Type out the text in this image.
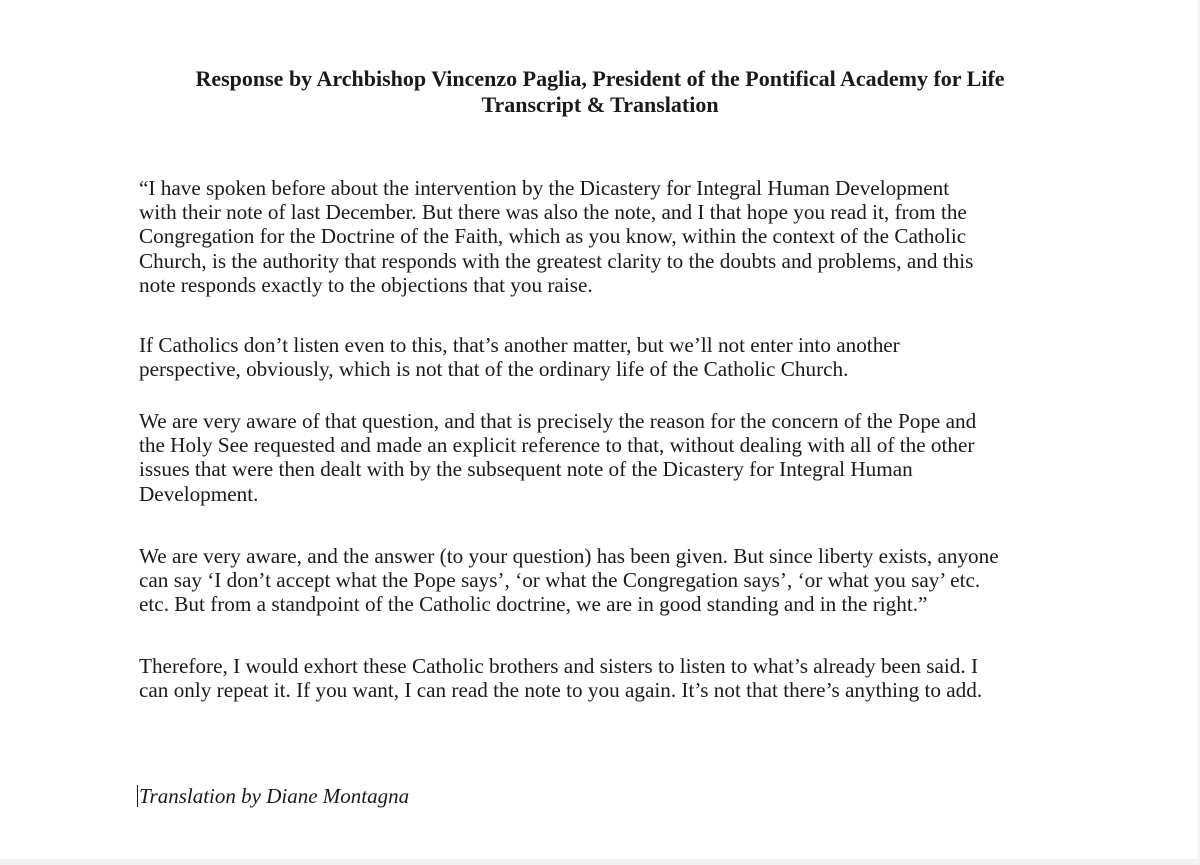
Response by Archbishop Vincenzo Paglia, President of the Pontifical Academy for Life
Transcript & Translation
“I have spoken before about the intervention by the Dicastery for Integral Human Development
with their note of last December. But there was also the note, and I that hope you read it, from the
Congregation for the Doctrine of the Faith, which as you know, within the context of the Catholic
Church, is the authority that responds with the greatest clarity to the doubts and problems, and this
note responds exactly to the objections that you raise.
If Catholics don’t listen even to this, that’s another matter, but we’ll not enter into another
perspective, obviously, which is not that of the ordinary life of the Catholic Church.
We are very aware of that question, and that is precisely the reason for the concern of the Pope and
the Holy See requested and made an explicit reference to that, without dealing with all of the other
issues that were then dealt with by the subsequent note of the Dicastery for Integral Human
Development.
We are very aware, and the answer (to your question) has been given. But since liberty exists, anyone
can say ‘I don’t accept what the Pope says’, ‘or what the Congregation says’, ‘or what you say’ etc.
etc. But from a standpoint of the Catholic doctrine, we are in good standing and in the right.”
Therefore, I would exhort these Catholic brothers and sisters to listen to what’s already been said. I
can only repeat it. If you want, I can read the note to you again. It’s not that there’s anything to add.
Translation by Diane Montagna
